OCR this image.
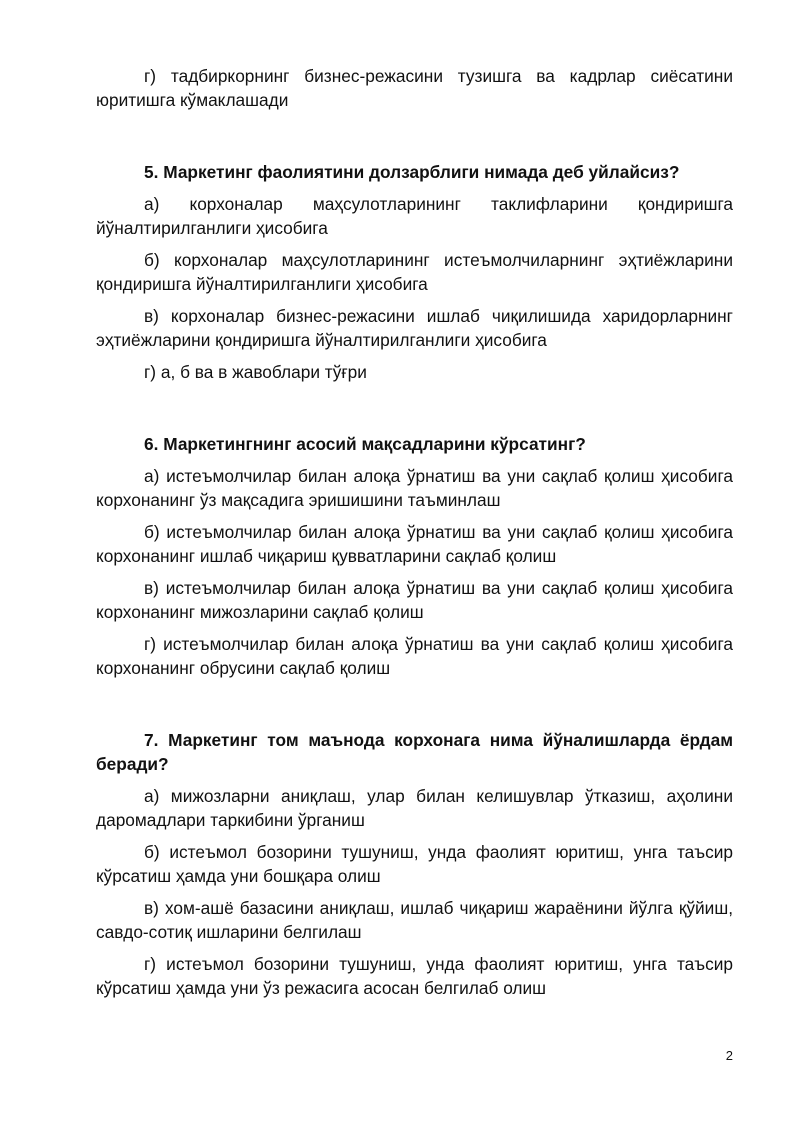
г) тадбиркорнинг бизнес-режасини тузишга ва кадрлар сиёсатини юритишга кўмаклашади

5. Маркетинг фаолиятини долзарблиги нимада деб уйлайсиз?

а) корхоналар маҳсулотларининг таклифларини қондиришга йўналтирилганлиги ҳисобига

б) корхоналар маҳсулотларининг истеъмолчиларнинг эҳтиёжларини қондиришга йўналтирилганлиги ҳисобига

в) корхоналар бизнес-режасини ишлаб чиқилишида харидорларнинг эҳтиёжларини қондиришга йўналтирилганлиги ҳисобига

г) а, б ва в жавоблари тўғри

6. Маркетингнинг асосий мақсадларини кўрсатинг?

а) истеъмолчилар билан алоқа ўрнатиш ва уни сақлаб қолиш ҳисобига корхонанинг ўз мақсадига эришишини таъминлаш

б) истеъмолчилар билан алоқа ўрнатиш ва уни сақлаб қолиш ҳисобига корхонанинг ишлаб чиқариш қувватларини сақлаб қолиш

в) истеъмолчилар билан алоқа ўрнатиш ва уни сақлаб қолиш ҳисобига корхонанинг мижозларини сақлаб қолиш

г) истеъмолчилар билан алоқа ўрнатиш ва уни сақлаб қолиш ҳисобига корхонанинг обрусини сақлаб қолиш

7. Маркетинг том маънода корхонага нима йўналишларда ёрдам беради?

а) мижозларни аниқлаш, улар билан келишувлар ўтказиш, аҳолини даромадлари таркибини ўрганиш

б) истеъмол бозорини тушуниш, унда фаолият юритиш, унга таъсир кўрсатиш ҳамда уни бошқара олиш

в) хом-ашё базасини аниқлаш, ишлаб чиқариш жараёнини йўлга қўйиш, савдо-сотиқ ишларини белгилаш

г) истеъмол бозорини тушуниш, унда фаолият юритиш, унга таъсир кўрсатиш ҳамда уни ўз режасига асосан белгилаб олиш

2
